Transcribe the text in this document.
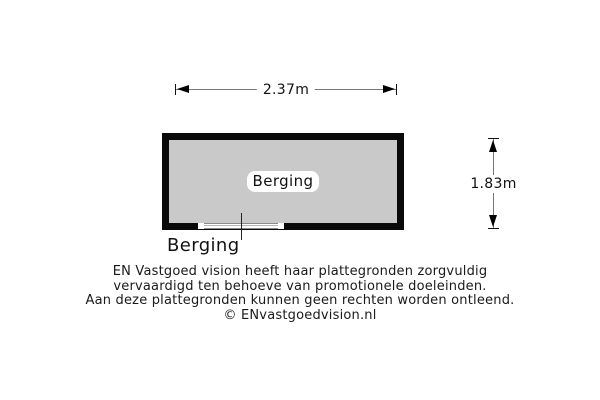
2.37m
Berging	1.83m
Berging
EN Vastgoed vision heeft haar plattegronden zorgvuldig
vervaardigd ten behoeve van promotionele doeleinden.
Aan deze plattegronden kunnen geen rechten worden ontleend.
© ENvastgoedvision.nl
